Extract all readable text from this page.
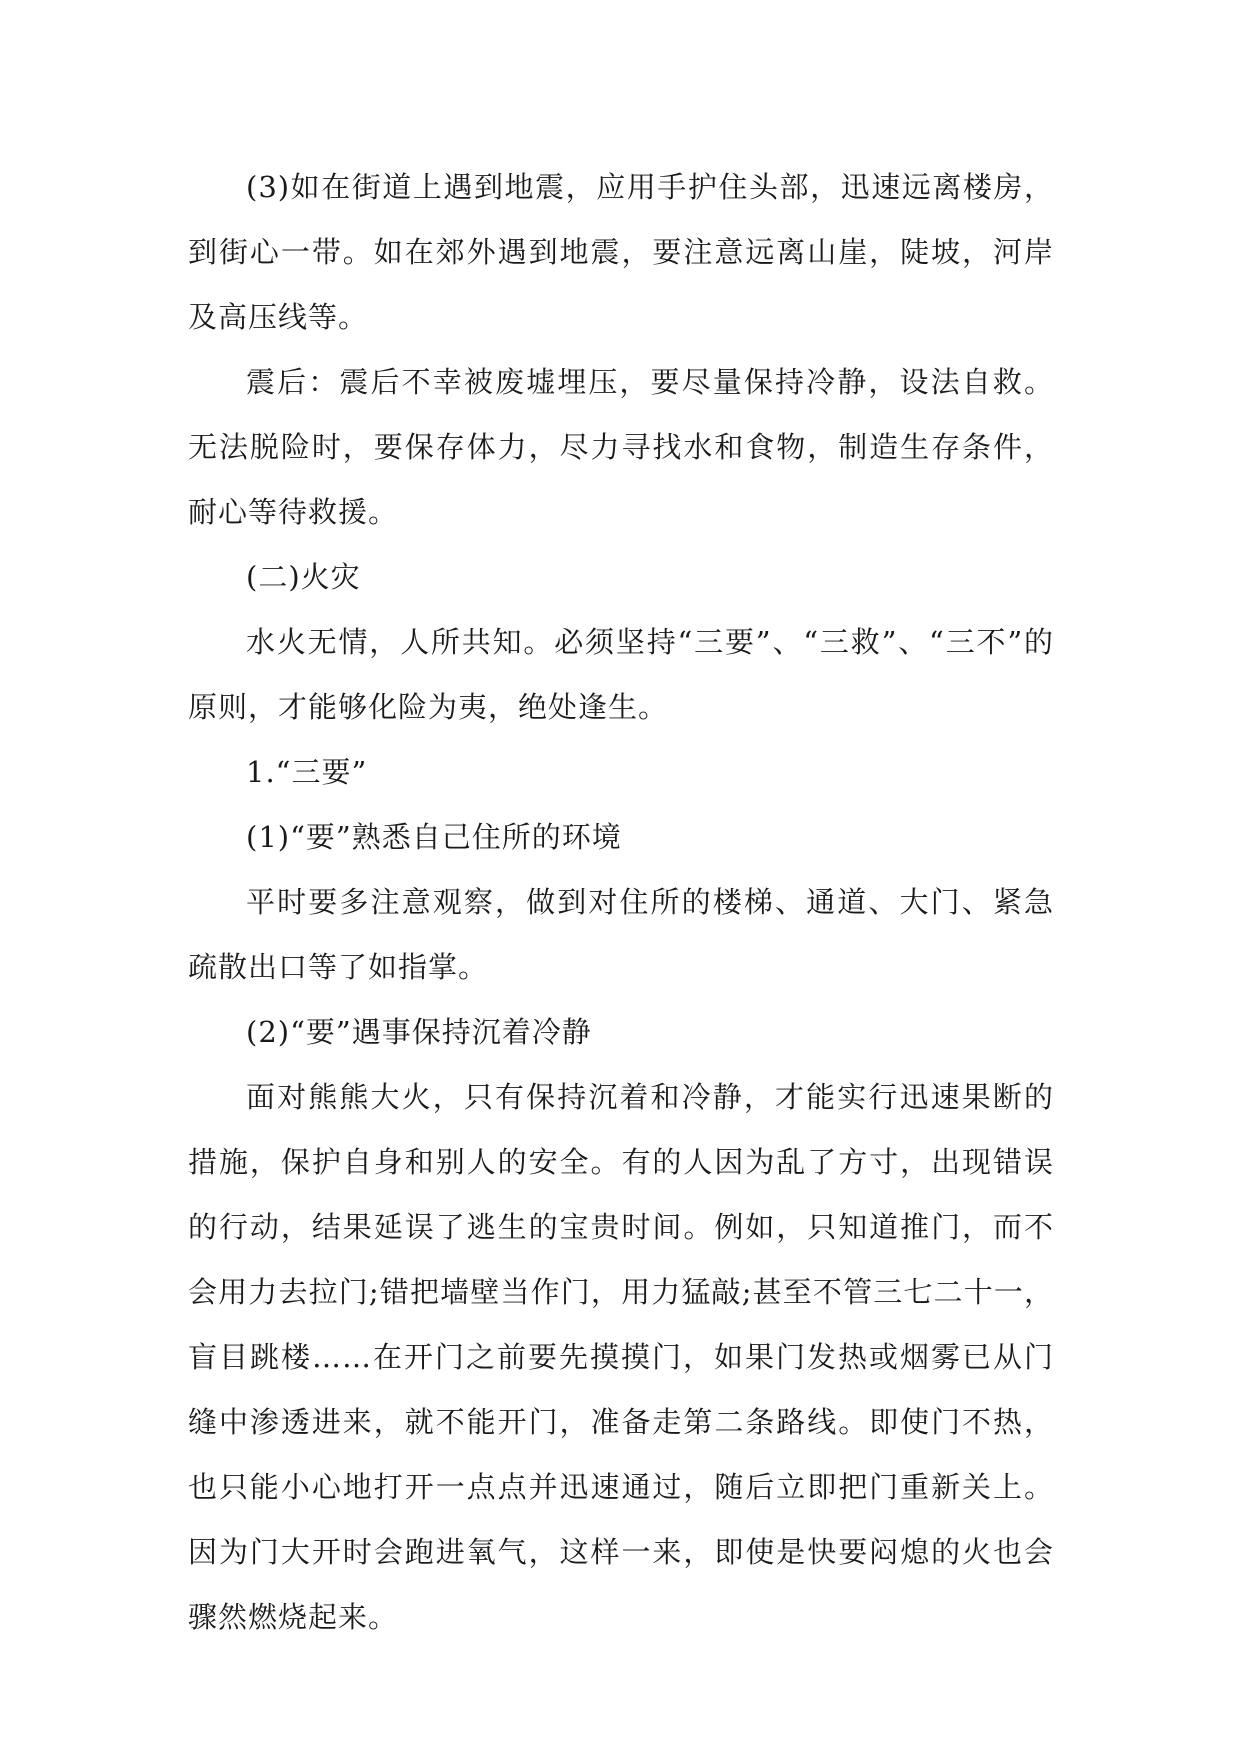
(3)如在街道上遇到地震，应用手护住头部，迅速远离楼房，到街心一带。如在郊外遇到地震，要注意远离山崖，陡坡，河岸及高压线等。

震后：震后不幸被废墟埋压，要尽量保持冷静，设法自救。无法脱险时，要保存体力，尽力寻找水和食物，制造生存条件，耐心等待救援。

(二)火灾

水火无情，人所共知。必须坚持“三要”、“三救”、“三不”的原则，才能够化险为夷，绝处逢生。

1.“三要”

(1)“要”熟悉自己住所的环境

平时要多注意观察，做到对住所的楼梯、通道、大门、紧急疏散出口等了如指掌。

(2)“要”遇事保持沉着冷静

面对熊熊大火，只有保持沉着和冷静，才能实行迅速果断的措施，保护自身和别人的安全。有的人因为乱了方寸，出现错误的行动，结果延误了逃生的宝贵时间。例如，只知道推门，而不会用力去拉门;错把墙壁当作门，用力猛敲;甚至不管三七二十一，盲目跳楼……在开门之前要先摸摸门，如果门发热或烟雾已从门缝中渗透进来，就不能开门，准备走第二条路线。即使门不热，也只能小心地打开一点点并迅速通过，随后立即把门重新关上。因为门大开时会跑进氧气，这样一来，即使是快要闷熄的火也会骤然燃烧起来。
